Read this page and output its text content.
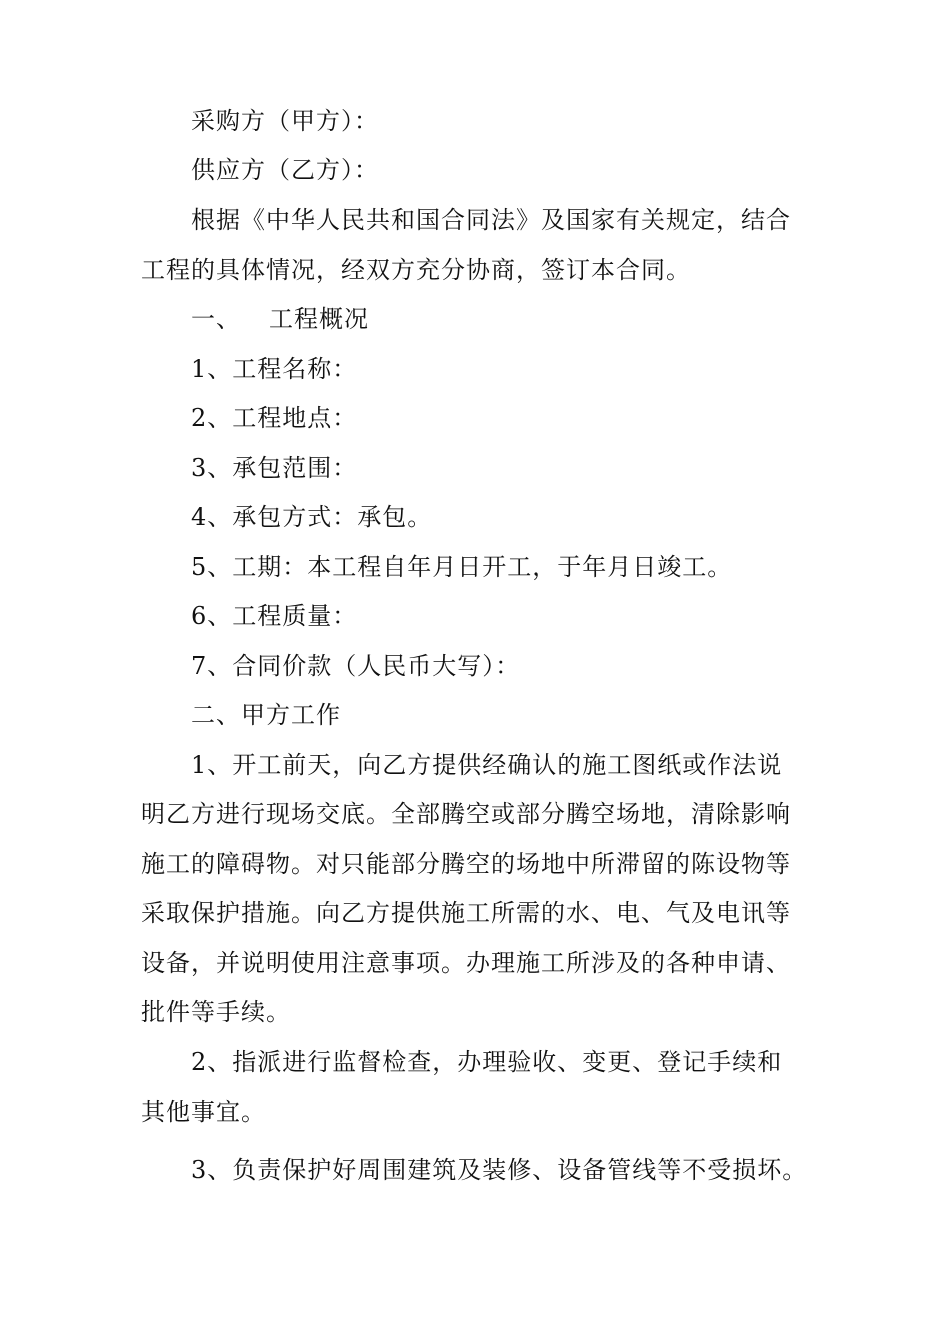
采购方（甲方）：
供应方（乙方）：
根据《中华人民共和国合同法》及国家有关规定，结合
工程的具体情况，经双方充分协商，签订本合同。
一、 工程概况
1、工程名称：
2、工程地点：
3、承包范围：
4、承包方式：承包。
5、工期：本工程自年月日开工，于年月日竣工。
6、工程质量：
7、合同价款（人民币大写）：
二、甲方工作
1、开工前天，向乙方提供经确认的施工图纸或作法说
明乙方进行现场交底。全部腾空或部分腾空场地，清除影响
施工的障碍物。对只能部分腾空的场地中所滞留的陈设物等
采取保护措施。向乙方提供施工所需的水、电、气及电讯等
设备，并说明使用注意事项。办理施工所涉及的各种申请、
批件等手续。
2、指派进行监督检查，办理验收、变更、登记手续和
其他事宜。
3、负责保护好周围建筑及装修、设备管线等不受损坏。
